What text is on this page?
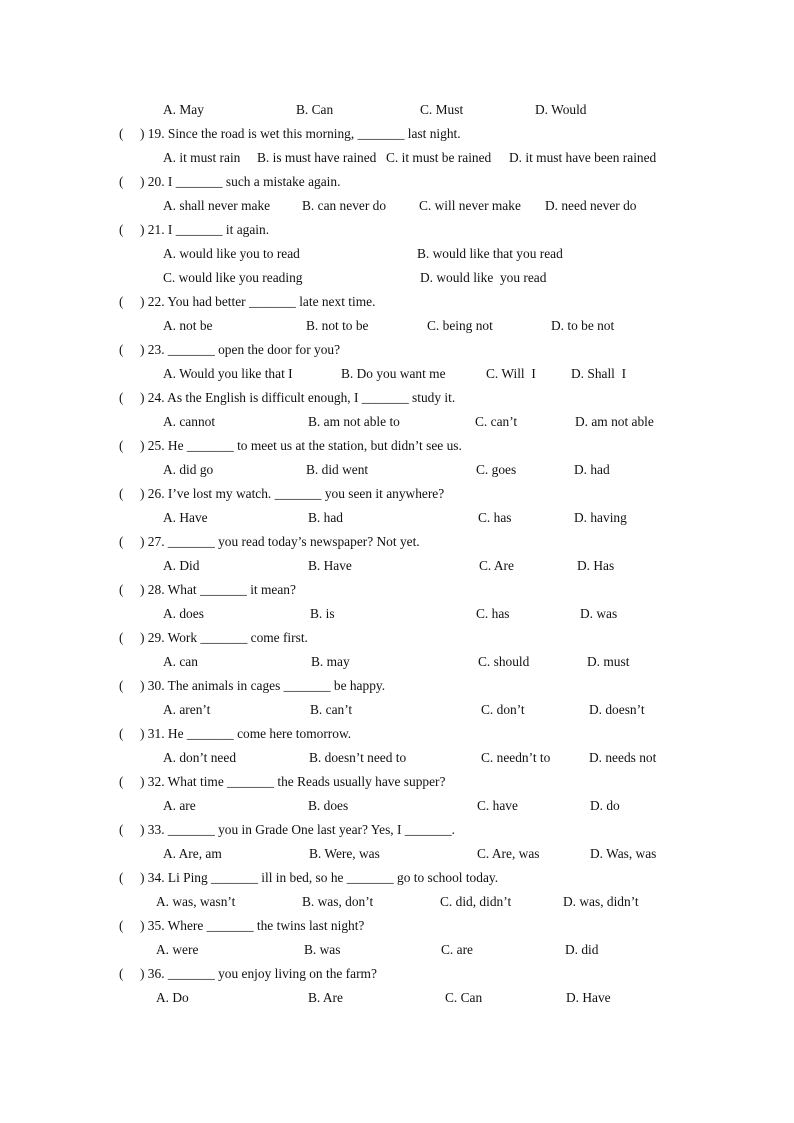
A. May

	B. Can

	C. Must

	D. Would

(

) 19. Since the road is wet this morning, _______ last night.

A. it must rain

B. is must have rained

C. it must be rained

D. it must have been rained

(

) 20. I _______ such a mistake again.

A. shall never make

B. can never do

C. will never make

D. need never do

(

) 21. I _______ it again.

A. would like you to read

	B. would like that you read

C. would like you reading

	D. would like  you read

(

) 22. You had better _______ late next time.

A. not be

	B. not to be

	C. being not

	D. to be not

(

) 23. _______ open the door for you?

A. Would you like that I

	B. Do you want me

	C. Will  I

	D. Shall  I

(

) 24. As the English is difficult enough, I _______ study it.

A. cannot

	B. am not able to

	C. can’t

	D. am not able

(

) 25. He _______ to meet us at the station, but didn’t see us.

A. did go

	B. did went

	C. goes

	D. had

(

) 26. I’ve lost my watch. _______ you seen it anywhere?

A. Have

	B. had

	C. has

	D. having

(

) 27. _______ you read today’s newspaper? Not yet.

A. Did

	B. Have

	C. Are

	D. Has

(

) 28. What _______ it mean?

A. does

	B. is

	C. has

	D. was

(

) 29. Work _______ come first.

A. can

	B. may

	C. should

	D. must

(

) 30. The animals in cages _______ be happy.

A. aren’t

	B. can’t

	C. don’t

	D. doesn’t

(

) 31. He _______ come here tomorrow.

A. don’t need

	B. doesn’t need to

	C. needn’t to

	D. needs not

(

) 32. What time _______ the Reads usually have supper?

A. are

	B. does

	C. have

	D. do

(

) 33. _______ you in Grade One last year? Yes, I _______.

A. Are, am

	B. Were, was

	C. Are, was

	D. Was, was

(

) 34. Li Ping _______ ill in bed, so he _______ go to school today.

A. was, wasn’t

	B. was, don’t

	C. did, didn’t

	D. was, didn’t

(

) 35. Where _______ the twins last night?

A. were

	B. was

	C. are

	D. did

(

) 36. _______ you enjoy living on the farm?

A. Do

	B. Are

	C. Can

	D. Have
